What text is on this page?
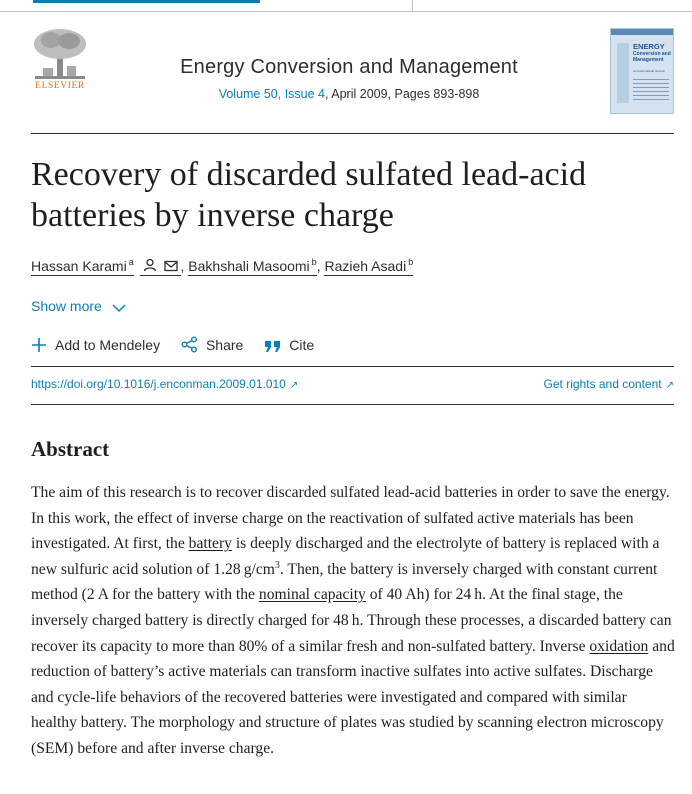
ELSEVIER
Energy Conversion and Management
Volume 50, Issue 4, April 2009, Pages 893-898
ENERGY
Conversion and
Management
An International Journal
Recovery of discarded sulfated lead-acid batteries by inverse charge
Hassan Karami $^a$	, Bakhshali Masoomi $^b$, Razieh Asadi $^b$
Show more
Add to Mendeley	Share	Cite
https://doi.org/10.1016/j.enconman.2009.01.010 ↗	Get rights and content ↗
Abstract
The aim of this research is to recover discarded sulfated lead-acid batteries in order to save the energy. In this work, the effect of inverse charge on the reactivation of sulfated active materials has been investigated. At first, the battery is deeply discharged and the electrolyte of battery is replaced with a new sulfuric acid solution of 1.28 $g/cm^3$. Then, the battery is inversely charged with constant current method (2 A for the battery with the nominal capacity of 40 Ah) for 24 h. At the final stage, the inversely charged battery is directly charged for 48 h. Through these processes, a discarded battery can recover its capacity to more than 80% of a similar fresh and non-sulfated battery. Inverse oxidation and reduction of battery’s active materials can transform inactive sulfates into active sulfates. Discharge and cycle-life behaviors of the recovered batteries were investigated and compared with similar healthy battery. The morphology and structure of plates was studied by scanning electron microscopy (SEM) before and after inverse charge.
